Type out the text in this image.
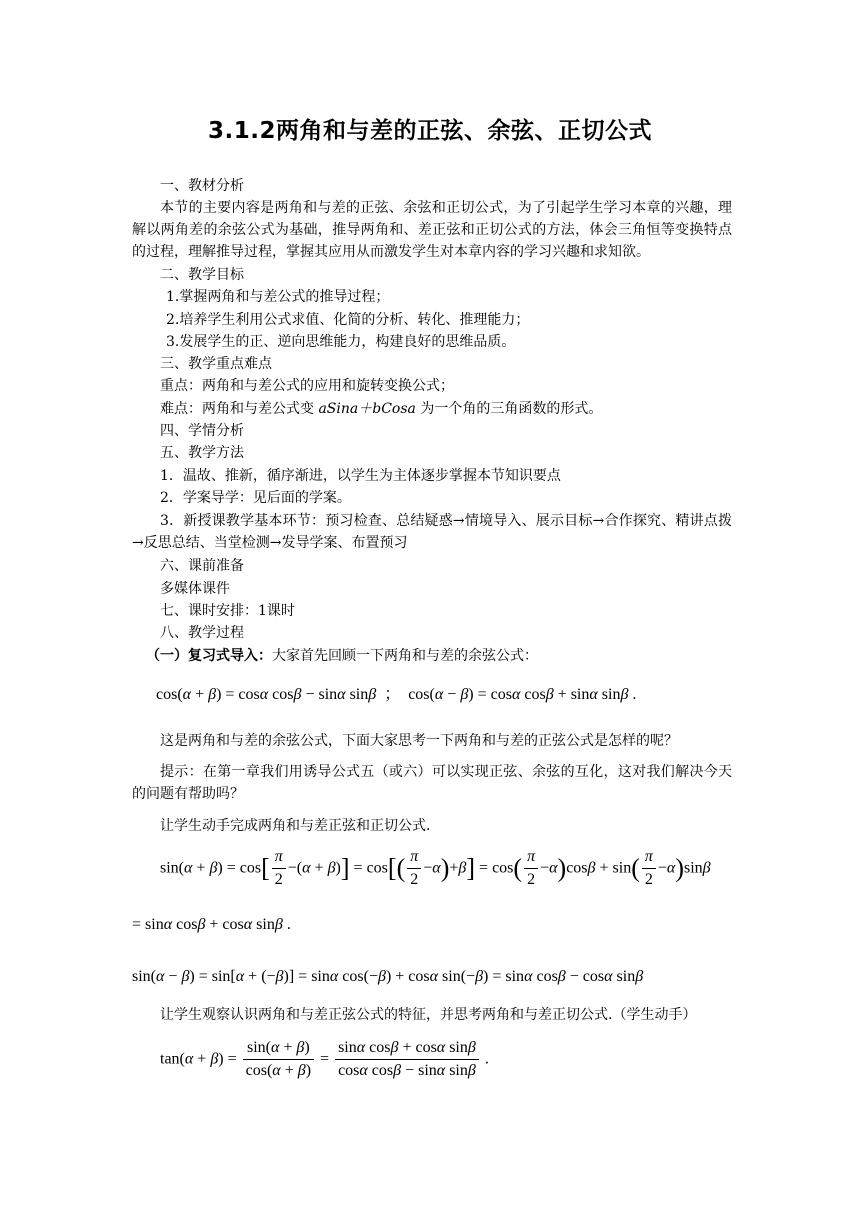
3.1.2两角和与差的正弦、余弦、正切公式
一、教材分析
本节的主要内容是两角和与差的正弦、余弦和正切公式，为了引起学生学习本章的兴趣，理解以两角差的余弦公式为基础，推导两角和、差正弦和正切公式的方法，体会三角恒等变换特点的过程，理解推导过程，掌握其应用从而激发学生对本章内容的学习兴趣和求知欲。
二、教学目标
1.掌握两角和与差公式的推导过程；
2.培养学生利用公式求值、化简的分析、转化、推理能力；
3.发展学生的正、逆向思维能力，构建良好的思维品质。
三、教学重点难点
重点：两角和与差公式的应用和旋转变换公式；
难点：两角和与差公式变 aSina＋bCosa 为一个角的三角函数的形式。
四、学情分析
五、教学方法
1．温故、推新，循序渐进，以学生为主体逐步掌握本节知识要点
2．学案导学：见后面的学案。
3．新授课教学基本环节：预习检查、总结疑惑→情境导入、展示目标→合作探究、精讲点拨→反思总结、当堂检测→发导学案、布置预习
六、课前准备
多媒体课件
七、课时安排：1课时
八、教学过程
（一）复习式导入：大家首先回顾一下两角和与差的余弦公式：
cos(α + β) = cosα cosβ − sinα sinβ  ；  cos(α − β) = cosα cosβ + sinα sinβ .
这是两角和与差的余弦公式，下面大家思考一下两角和与差的正弦公式是怎样的呢？
提示：在第一章我们用诱导公式五（或六）可以实现正弦、余弦的互化，这对我们解决今天的问题有帮助吗？
让学生动手完成两角和与差正弦和正切公式.
$\sin(\alpha + \beta) = \cos[ \frac{\pi}{2} -(\alpha + \beta)] = \cos[( \frac{\pi}{2} -\alpha)+\beta] = \cos( \frac{\pi}{2} -\alpha)\cos\beta + \sin( \frac{\pi}{2} -\alpha)\sin\beta$
= sinα cosβ + cosα sinβ .
sin(α − β) = sin[α + (−β)] = sinα cos(−β) + cosα sin(−β) = sinα cosβ − cosα sinβ
让学生观察认识两角和与差正弦公式的特征，并思考两角和与差正切公式.（学生动手）
$\tan(\alpha + \beta) = \frac{\sin(\alpha + \beta)}{\cos(\alpha + \beta)} = \frac{\text{sinα cosβ + cosα sinβ}}{\text{cosα cosβ − sinα sinβ}}$ .
